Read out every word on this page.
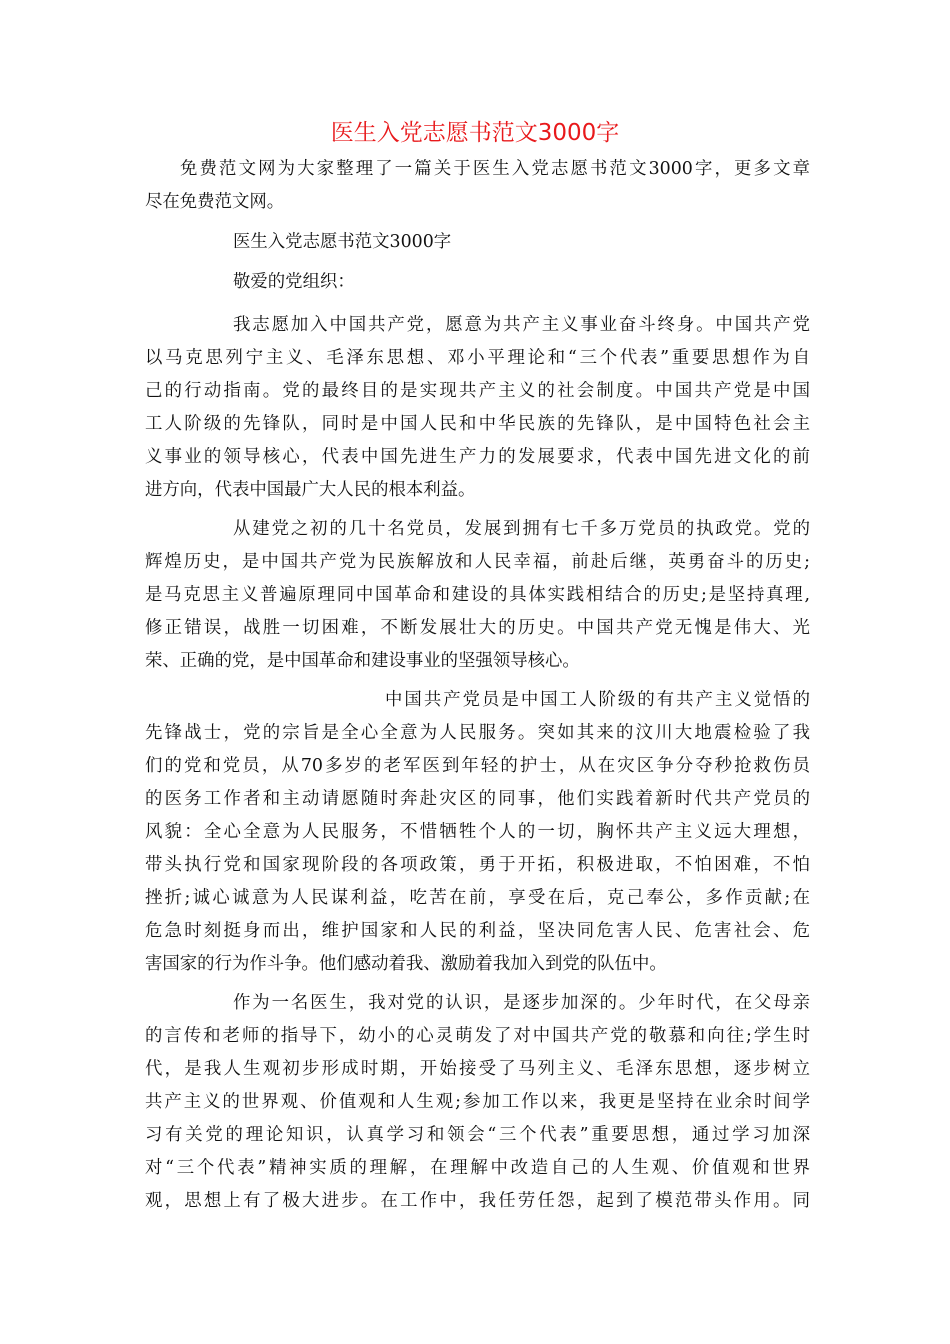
医生入党志愿书范文3000字
免费范文网为大家整理了一篇关于医生入党志愿书范文3000字，更多文章
尽在免费范文网。
医生入党志愿书范文3000字
敬爱的党组织：
我志愿加入中国共产党，愿意为共产主义事业奋斗终身。中国共产党
以马克思列宁主义、毛泽东思想、邓小平理论和“三个代表”重要思想作为自
己的行动指南。党的最终目的是实现共产主义的社会制度。中国共产党是中国
工人阶级的先锋队，同时是中国人民和中华民族的先锋队，是中国特色社会主
义事业的领导核心，代表中国先进生产力的发展要求，代表中国先进文化的前
进方向，代表中国最广大人民的根本利益。
从建党之初的几十名党员，发展到拥有七千多万党员的执政党。党的
辉煌历史，是中国共产党为民族解放和人民幸福，前赴后继，英勇奋斗的历史;
是马克思主义普遍原理同中国革命和建设的具体实践相结合的历史;是坚持真理,
修正错误，战胜一切困难，不断发展壮大的历史。中国共产党无愧是伟大、光
荣、正确的党，是中国革命和建设事业的坚强领导核心。
中国共产党员是中国工人阶级的有共产主义觉悟的
先锋战士，党的宗旨是全心全意为人民服务。突如其来的汶川大地震检验了我
们的党和党员，从70多岁的老军医到年轻的护士，从在灾区争分夺秒抢救伤员
的医务工作者和主动请愿随时奔赴灾区的同事，他们实践着新时代共产党员的
风貌：全心全意为人民服务，不惜牺牲个人的一切，胸怀共产主义远大理想，
带头执行党和国家现阶段的各项政策，勇于开拓，积极进取，不怕困难，不怕
挫折;诚心诚意为人民谋利益，吃苦在前，享受在后，克己奉公，多作贡献;在
危急时刻挺身而出，维护国家和人民的利益，坚决同危害人民、危害社会、危
害国家的行为作斗争。他们感动着我、激励着我加入到党的队伍中。
作为一名医生，我对党的认识，是逐步加深的。少年时代，在父母亲
的言传和老师的指导下，幼小的心灵萌发了对中国共产党的敬慕和向往;学生时
代，是我人生观初步形成时期，开始接受了马列主义、毛泽东思想，逐步树立
共产主义的世界观、价值观和人生观;参加工作以来，我更是坚持在业余时间学
习有关党的理论知识，认真学习和领会“三个代表”重要思想，通过学习加深
对“三个代表”精神实质的理解，在理解中改造自己的人生观、价值观和世界
观，思想上有了极大进步。在工作中，我任劳任怨，起到了模范带头作用。同
